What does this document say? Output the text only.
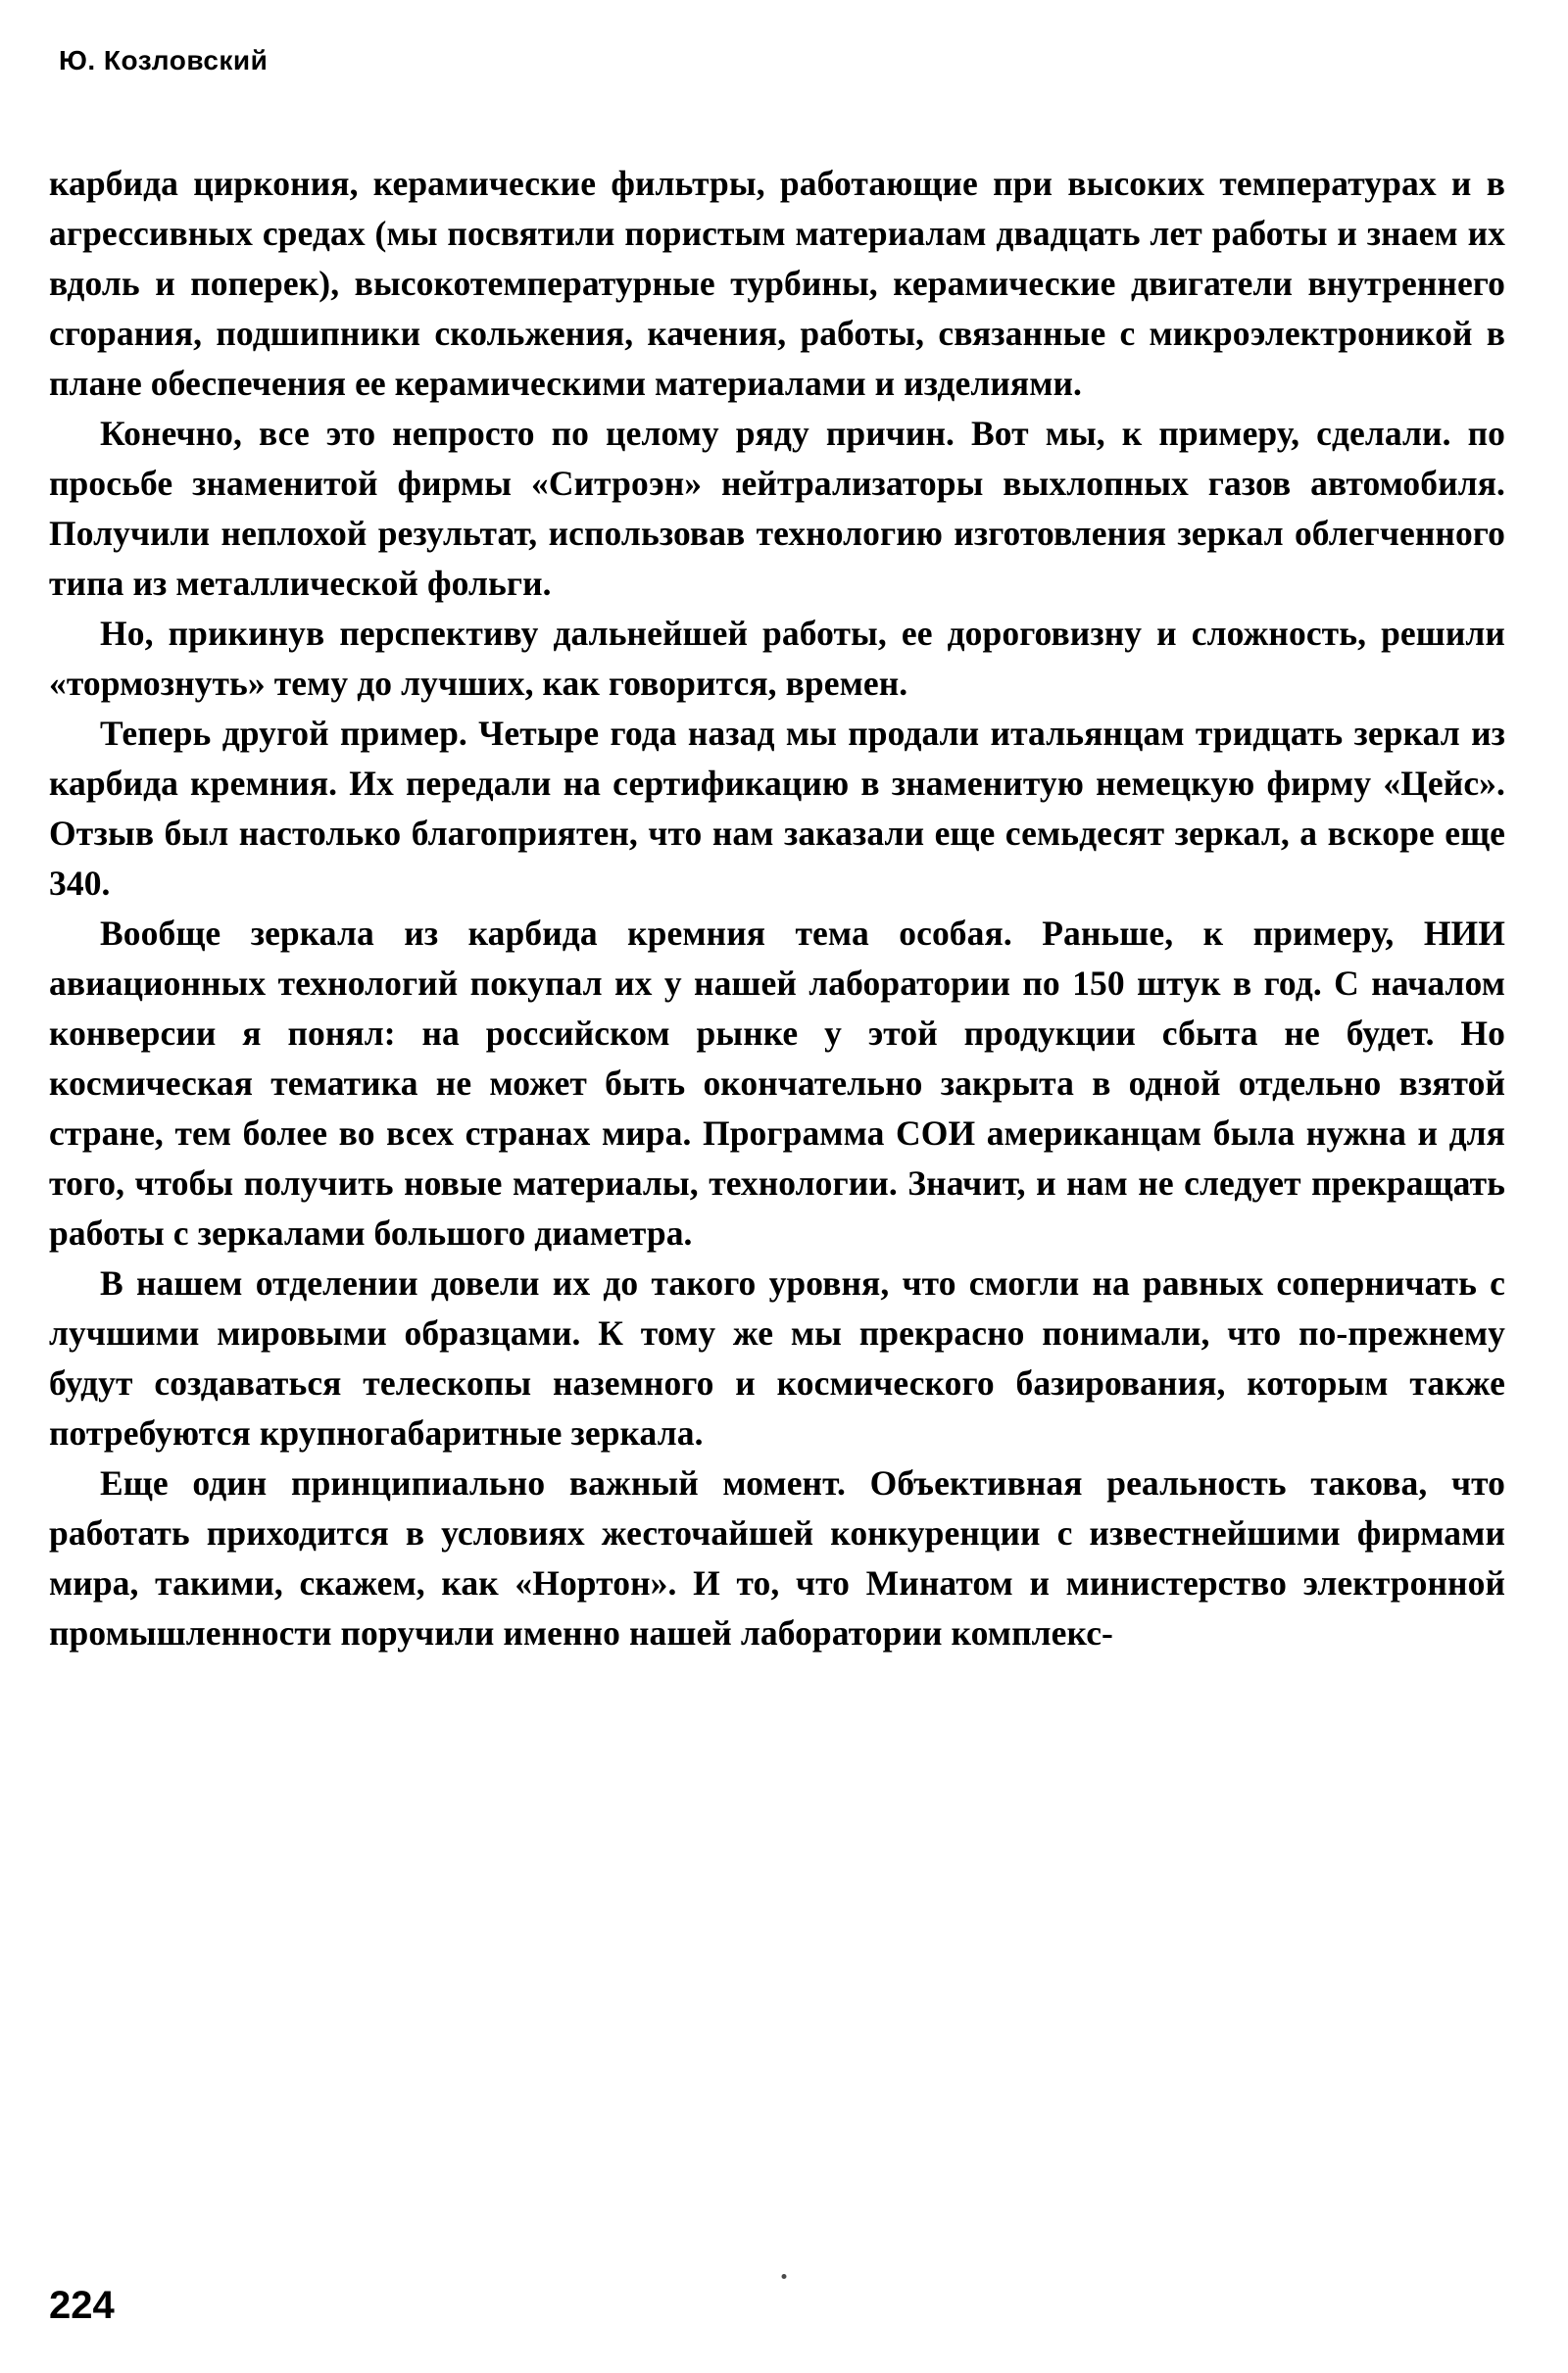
Ю. Козловский

карбида циркония, керамические фильтры, работающие при высоких температурах и в агрессивных средах (мы посвятили пористым материалам двадцать лет работы и знаем их вдоль и поперек), высокотемпературные турбины, керамические двигатели внутреннего сгорания, подшипники скольжения, качения, работы, связанные с микроэлектроникой в плане обеспечения ее керамическими материалами и изделиями.

Конечно, все это непросто по целому ряду причин. Вот мы, к примеру, сделали. по просьбе знаменитой фирмы «Ситроэн» нейтрализаторы выхлопных газов автомобиля. Получили неплохой результат, использовав технологию изготовления зеркал облегченного типа из металлической фольги.

Но, прикинув перспективу дальнейшей работы, ее дороговизну и сложность, решили «тормознуть» тему до лучших, как говорится, времен.

Теперь другой пример. Четыре года назад мы продали итальянцам тридцать зеркал из карбида кремния. Их передали на сертификацию в знаменитую немецкую фирму «Цейс». Отзыв был настолько благоприятен, что нам заказали еще семьдесят зеркал, а вскоре еще 340.

Вообще зеркала из карбида кремния тема особая. Раньше, к примеру, НИИ авиационных технологий покупал их у нашей лаборатории по 150 штук в год. С началом конверсии я понял: на российском рынке у этой продукции сбыта не будет. Но космическая тематика не может быть окончательно закрыта в одной отдельно взятой стране, тем более во всех странах мира. Программа СОИ американцам была нужна и для того, чтобы получить новые материалы, технологии. Значит, и нам не следует прекращать работы с зеркалами большого диаметра.

В нашем отделении довели их до такого уровня, что смогли на равных соперничать с лучшими мировыми образцами. К тому же мы прекрасно понимали, что по-прежнему будут создаваться телескопы наземного и космического базирования, которым также потребуются крупногабаритные зеркала.

Еще один принципиально важный момент. Объективная реальность такова, что работать приходится в условиях жесточайшей конкуренции с известнейшими фирмами мира, такими, скажем, как «Нортон». И то, что Минатом и министерство электронной промышленности поручили именно нашей лаборатории комплекс-

224
